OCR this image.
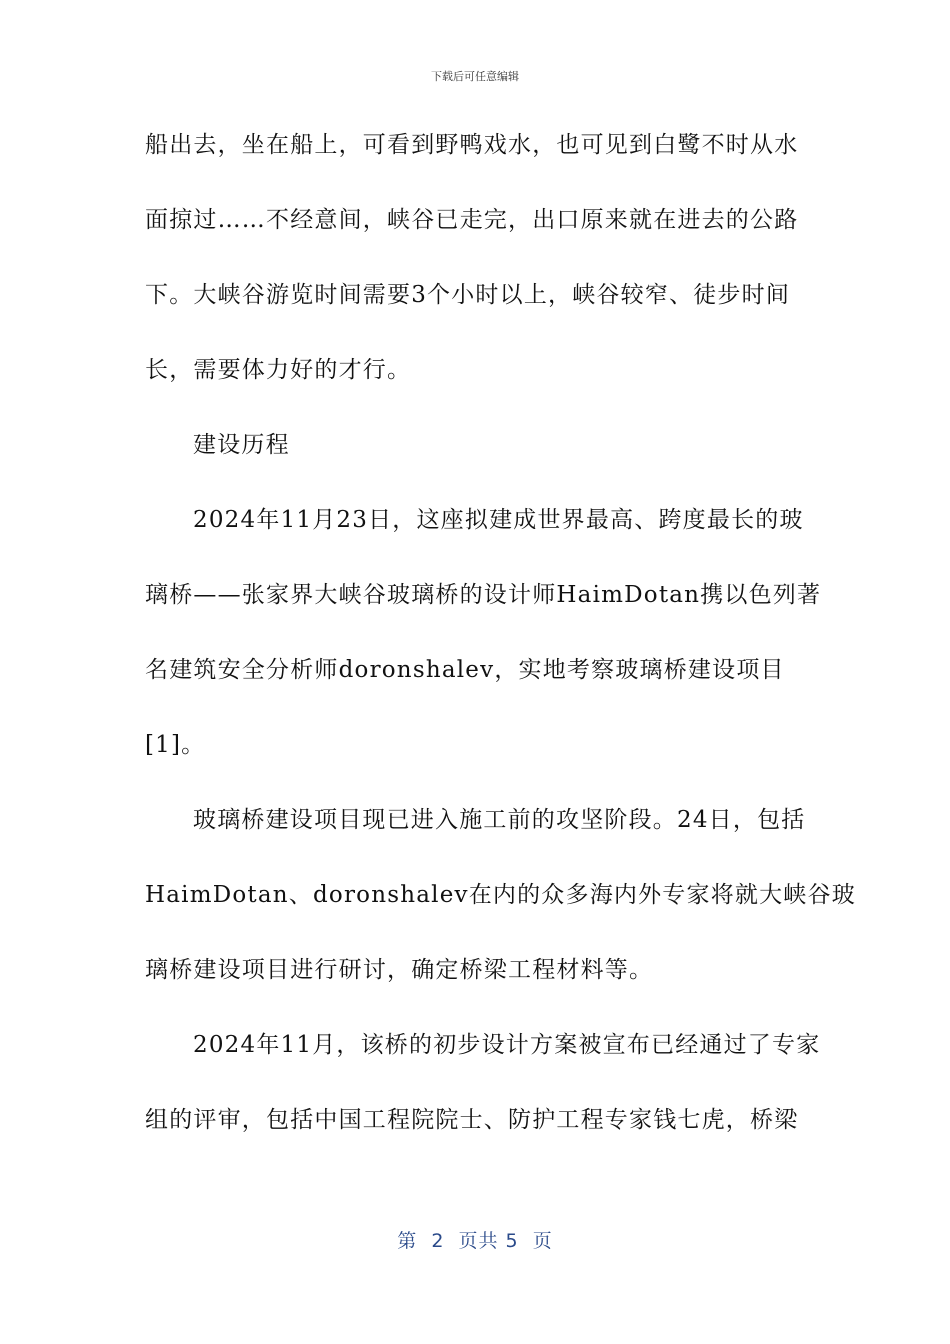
下载后可任意编辑
船出去，坐在船上，可看到野鸭戏水，也可见到白鹭不时从水
面掠过……不经意间，峡谷已走完，出口原来就在进去的公路
下。大峡谷游览时间需要3个小时以上，峡谷较窄、徒步时间
长，需要体力好的才行。
建设历程
2024年11月23日，这座拟建成世界最高、跨度最长的玻
璃桥——张家界大峡谷玻璃桥的设计师HaimDotan携以色列著
名建筑安全分析师doronshalev，实地考察玻璃桥建设项目
[1]。
玻璃桥建设项目现已进入施工前的攻坚阶段。24日，包括
HaimDotan、doronshalev在内的众多海内外专家将就大峡谷玻
璃桥建设项目进行研讨，确定桥梁工程材料等。
2024年11月，该桥的初步设计方案被宣布已经通过了专家
组的评审，包括中国工程院院士、防护工程专家钱七虎，桥梁
第  2  页共 5  页
